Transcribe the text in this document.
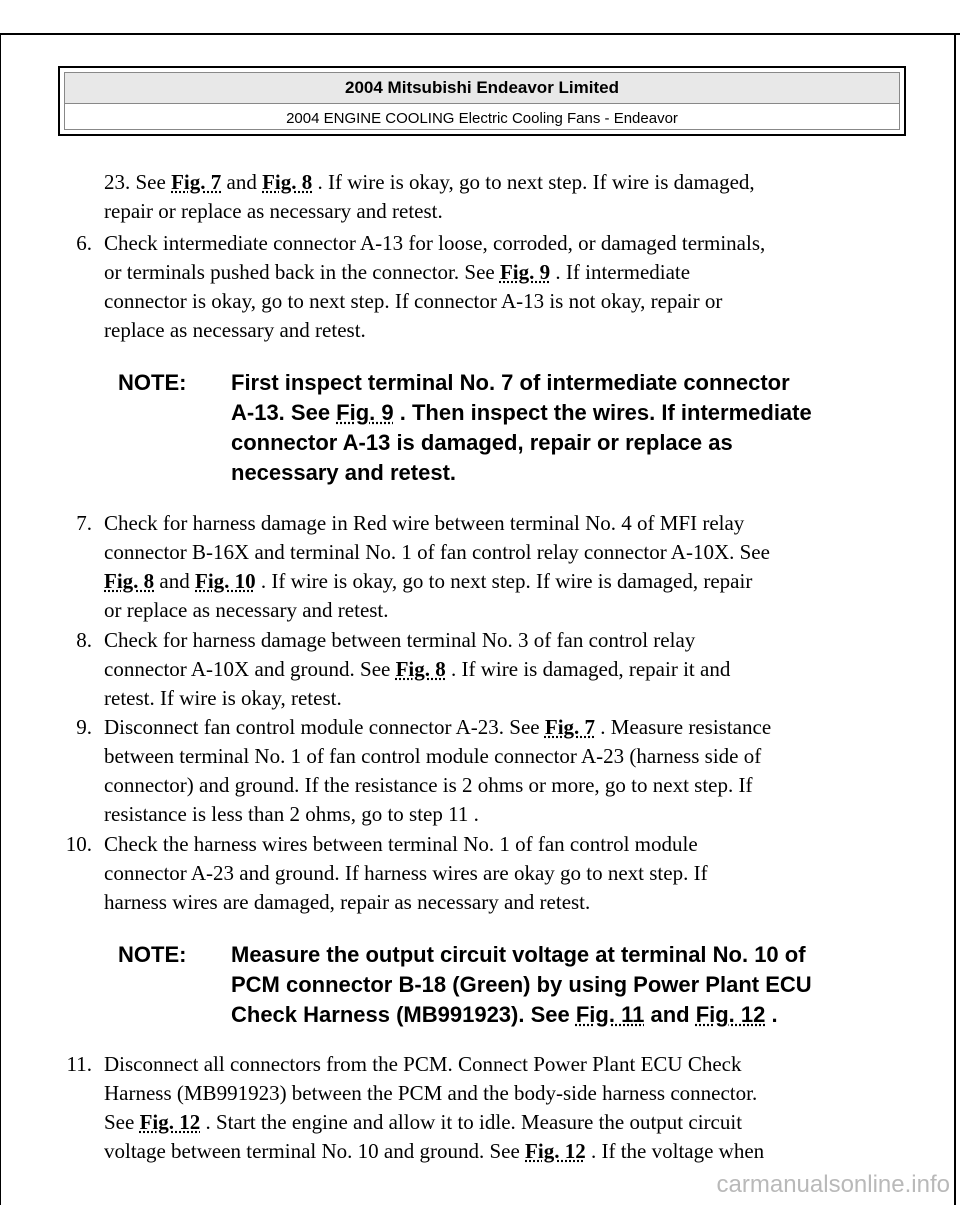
2004 Mitsubishi Endeavor Limited
2004 ENGINE COOLING Electric Cooling Fans - Endeavor
23. See Fig. 7 and Fig. 8 . If wire is okay, go to next step. If wire is damaged,
repair or replace as necessary and retest.
6. Check intermediate connector A-13 for loose, corroded, or damaged terminals,
or terminals pushed back in the connector. See Fig. 9 . If intermediate
connector is okay, go to next step. If connector A-13 is not okay, repair or
replace as necessary and retest.
NOTE: First inspect terminal No. 7 of intermediate connector
A-13. See Fig. 9 . Then inspect the wires. If intermediate
connector A-13 is damaged, repair or replace as
necessary and retest.
7. Check for harness damage in Red wire between terminal No. 4 of MFI relay
connector B-16X and terminal No. 1 of fan control relay connector A-10X. See
Fig. 8 and Fig. 10 . If wire is okay, go to next step. If wire is damaged, repair
or replace as necessary and retest.
8. Check for harness damage between terminal No. 3 of fan control relay
connector A-10X and ground. See Fig. 8 . If wire is damaged, repair it and
retest. If wire is okay, retest.
9. Disconnect fan control module connector A-23. See Fig. 7 . Measure resistance
between terminal No. 1 of fan control module connector A-23 (harness side of
connector) and ground. If the resistance is 2 ohms or more, go to next step. If
resistance is less than 2 ohms, go to step 11 .
10. Check the harness wires between terminal No. 1 of fan control module
connector A-23 and ground. If harness wires are okay go to next step. If
harness wires are damaged, repair as necessary and retest.
NOTE: Measure the output circuit voltage at terminal No. 10 of
PCM connector B-18 (Green) by using Power Plant ECU
Check Harness (MB991923). See Fig. 11 and Fig. 12 .
11. Disconnect all connectors from the PCM. Connect Power Plant ECU Check
Harness (MB991923) between the PCM and the body-side harness connector.
See Fig. 12 . Start the engine and allow it to idle. Measure the output circuit
voltage between terminal No. 10 and ground. See Fig. 12 . If the voltage when
carmanualsonline.info
